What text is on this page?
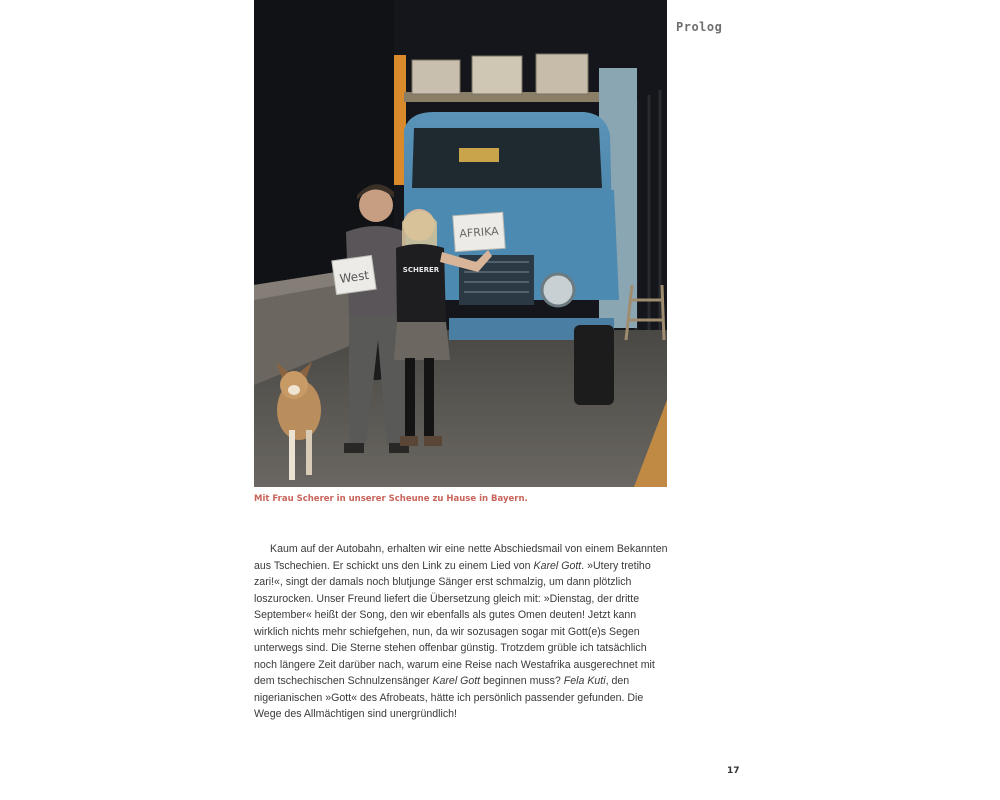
SCHERER
West
AFRIKA
Prolog
Mit Frau Scherer in unserer Scheune zu Hause in Bayern.

Kaum auf der Autobahn, erhalten wir eine nette Abschiedsmail von einem Bekannten aus Tschechien. Er schickt uns den Link zu einem Lied von Karel Gott. »Utery tretiho zari!«, singt der damals noch blutjunge Sänger erst schmalzig, um dann plötzlich loszurocken. Unser Freund liefert die Übersetzung gleich mit: »Dienstag, der dritte September« heißt der Song, den wir ebenfalls als gutes Omen deuten! Jetzt kann wirklich nichts mehr schiefgehen, nun, da wir sozusagen sogar mit Gott(e)s Segen unterwegs sind. Die Sterne stehen offenbar günstig. Trotzdem grüble ich tatsächlich noch längere Zeit darüber nach, warum eine Reise nach Westafrika ausgerechnet mit dem tschechischen Schnulzensänger Karel Gott beginnen muss? Fela Kuti, den nigerianischen »Gott« des Afrobeats, hätte ich persönlich passender gefunden. Die Wege des Allmächtigen sind unergründlich!

17
